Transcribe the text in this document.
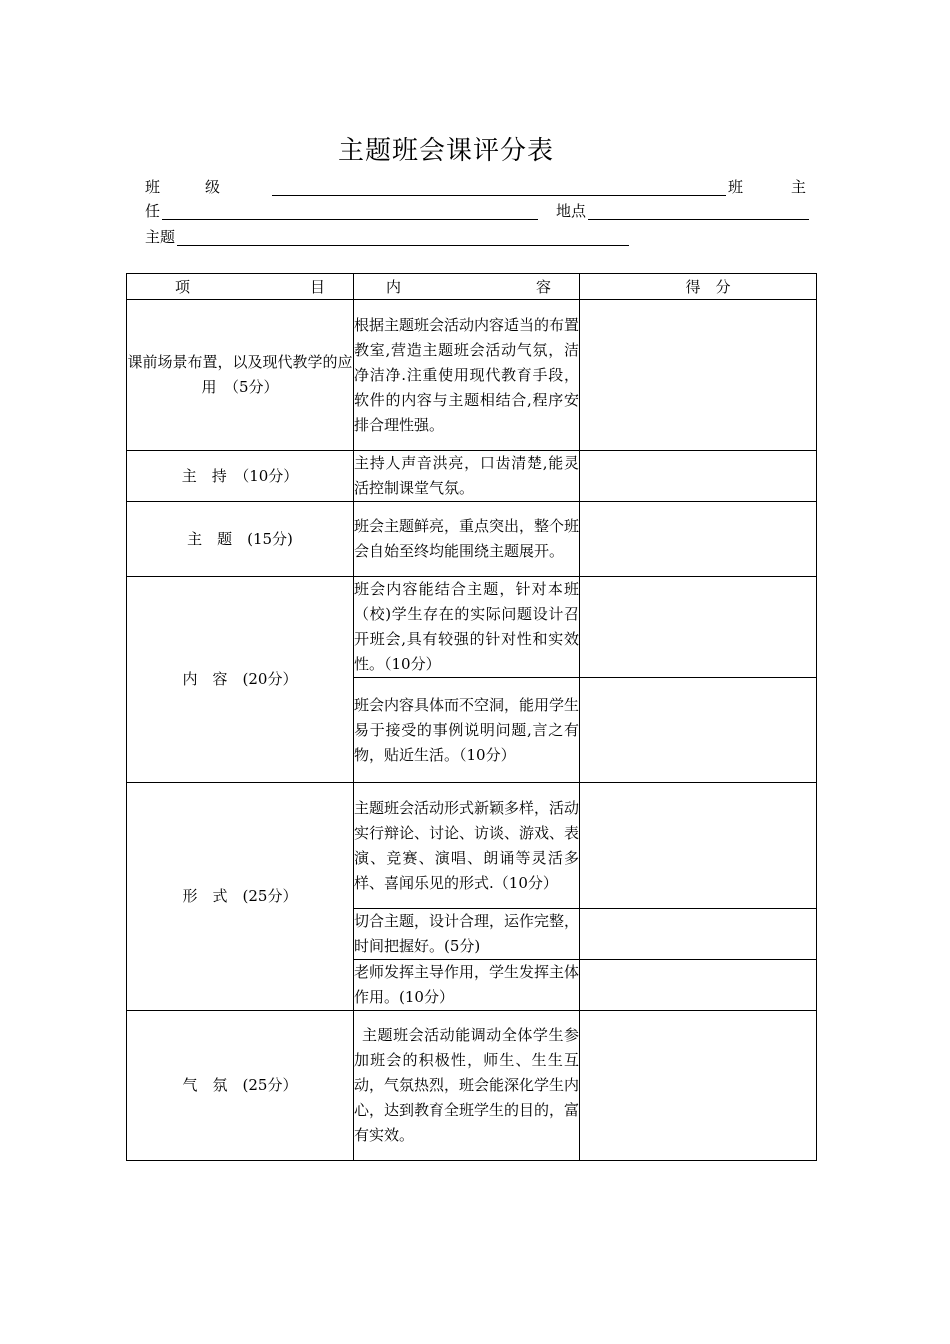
主题班会课评分表
班　　　级	班　　　主
任	地点
主题
项 目	内 容	得　分

课前场景布置，以及现代教学的应用　（5分）	根据主题班会活动内容适当的布置教室,营造主题班会活动气氛，洁净洁净.注重使用现代教育手段，软件的内容与主题相结合,程序安排合理性强。	
主　持　（10分）	主持人声音洪亮，口齿清楚,能灵活控制课堂气氛。	
主　题　(15分)	班会主题鲜亮，重点突出，整个班会自始至终均能围绕主题展开。	
内　容　(20分）	班会内容能结合主题，针对本班（校)学生存在的实际问题设计召开班会,具有较强的针对性和实效性。（10分）	
	班会内容具体而不空洞，能用学生易于接受的事例说明问题,言之有物，贴近生活。（10分）	
形　式　(25分）	主题班会活动形式新颖多样，活动实行辩论、讨论、访谈、游戏、表演、竞赛、演唱、朗诵等灵活多样、喜闻乐见的形式.（10分）	
	切合主题，设计合理，运作完整，时间把握好。(5分)	
	老师发挥主导作用，学生发挥主体作用。(10分）	
气　氛　(25分）	主题班会活动能调动全体学生参加班会的积极性，师生、生生互动，气氛热烈，班会能深化学生内心，达到教育全班学生的目的，富有实效。	
